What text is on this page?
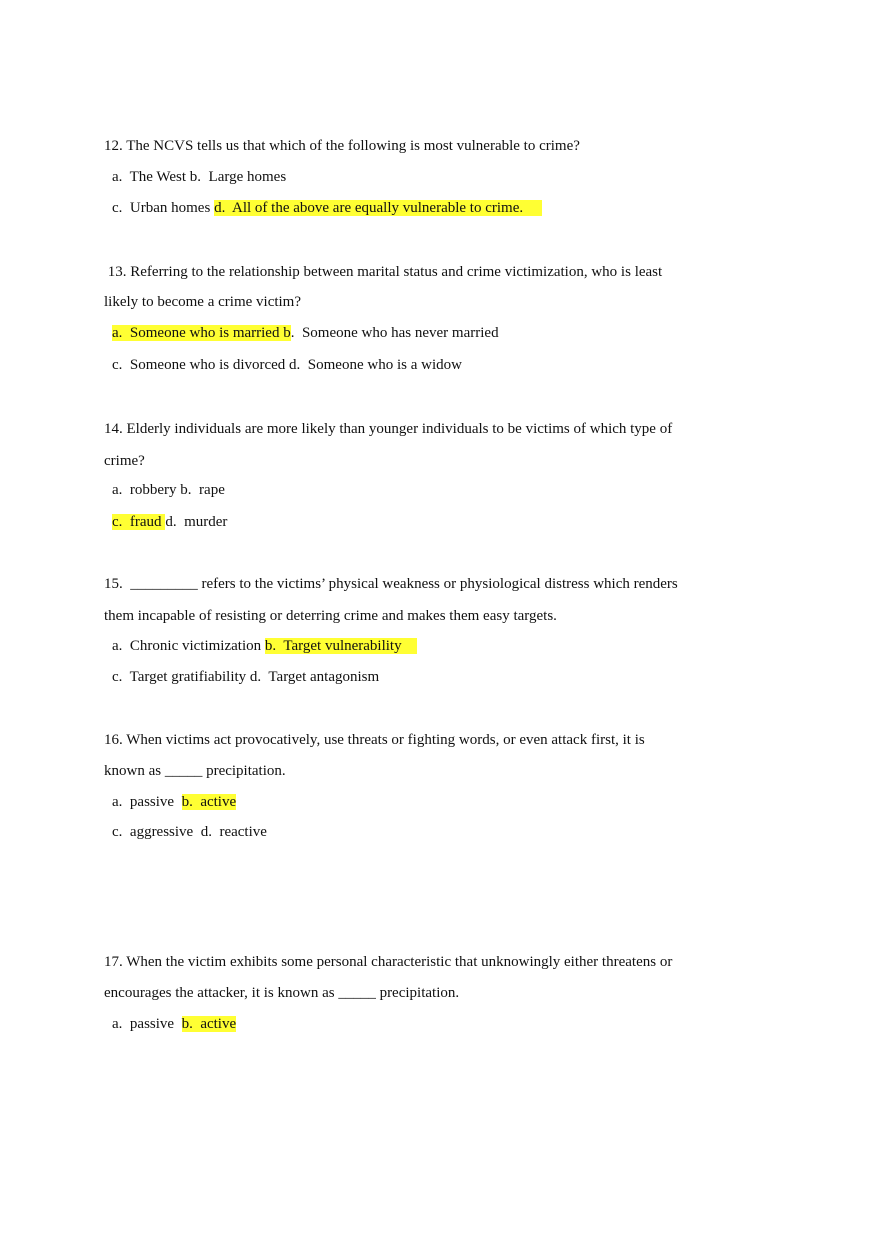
12. The NCVS tells us that which of the following is most vulnerable to crime?
a.  The West b.  Large homes
c.  Urban homes d.  All of the above are equally vulnerable to crime.
13. Referring to the relationship between marital status and crime victimization, who is least
likely to become a crime victim?
a.  Someone who is married b.  Someone who has never married
c.  Someone who is divorced d.  Someone who is a widow
14. Elderly individuals are more likely than younger individuals to be victims of which type of
crime?
a.  robbery b.  rape
c.  fraud d.  murder
15.  _________ refers to the victims’ physical weakness or physiological distress which renders
them incapable of resisting or deterring crime and makes them easy targets.
a.  Chronic victimization b.  Target vulnerability
c.  Target gratifiability d.  Target antagonism
16. When victims act provocatively, use threats or fighting words, or even attack first, it is
known as _____ precipitation.
a.  passive  b.  active
c.  aggressive  d.  reactive
17. When the victim exhibits some personal characteristic that unknowingly either threatens or
encourages the attacker, it is known as _____ precipitation.
a.  passive  b.  active
